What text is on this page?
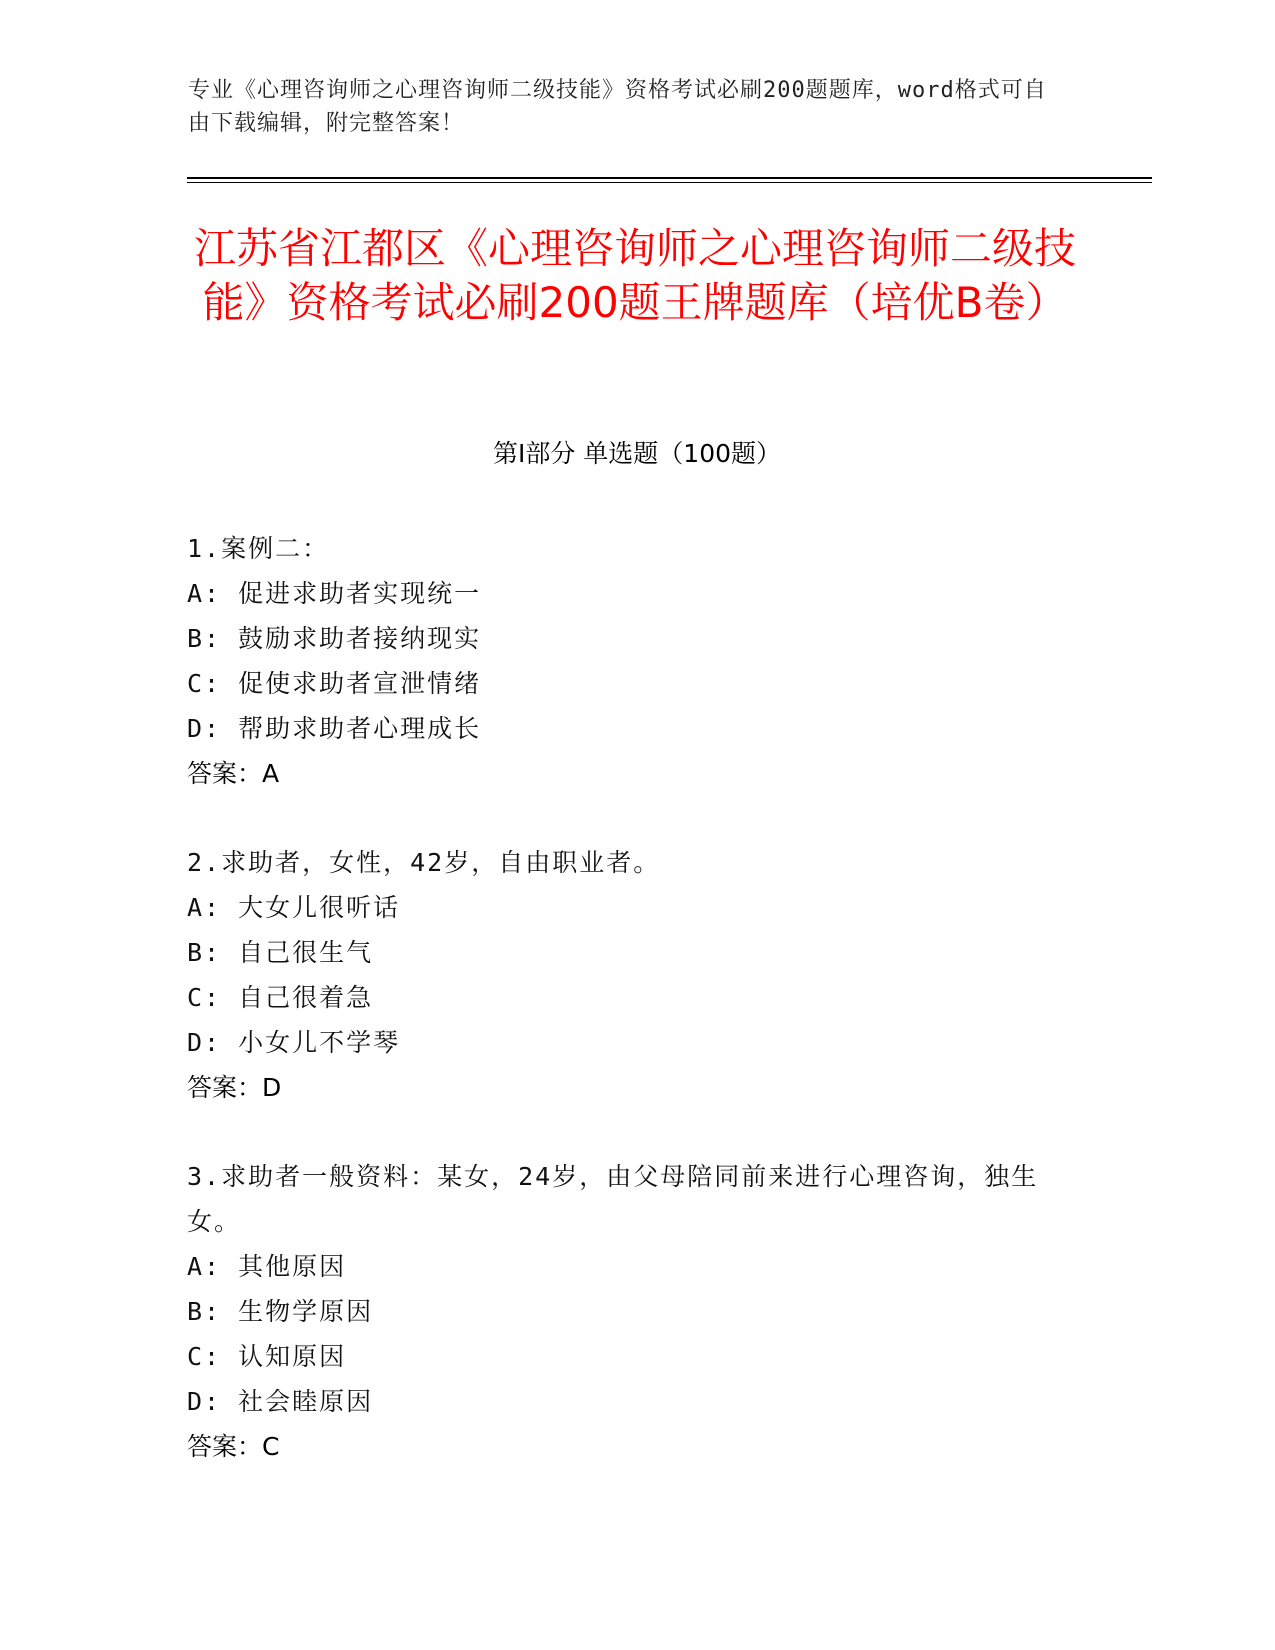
专业《心理咨询师之心理咨询师二级技能》资格考试必刷200题题库，word格式可自由下载编辑，附完整答案！
江苏省江都区《心理咨询师之心理咨询师二级技能》资格考试必刷200题王牌题库（培优B卷）
第Ⅰ部分 单选题（100题）
1.案例二：
A: 促进求助者实现统一
B: 鼓励求助者接纳现实
C: 促使求助者宣泄情绪
D: 帮助求助者心理成长
答案：A
2.求助者，女性，42岁，自由职业者。
A: 大女儿很听话
B: 自己很生气
C: 自己很着急
D: 小女儿不学琴
答案：D
3.求助者一般资料：某女，24岁，由父母陪同前来进行心理咨询，独生女。
A: 其他原因
B: 生物学原因
C: 认知原因
D: 社会睦原因
答案：C
